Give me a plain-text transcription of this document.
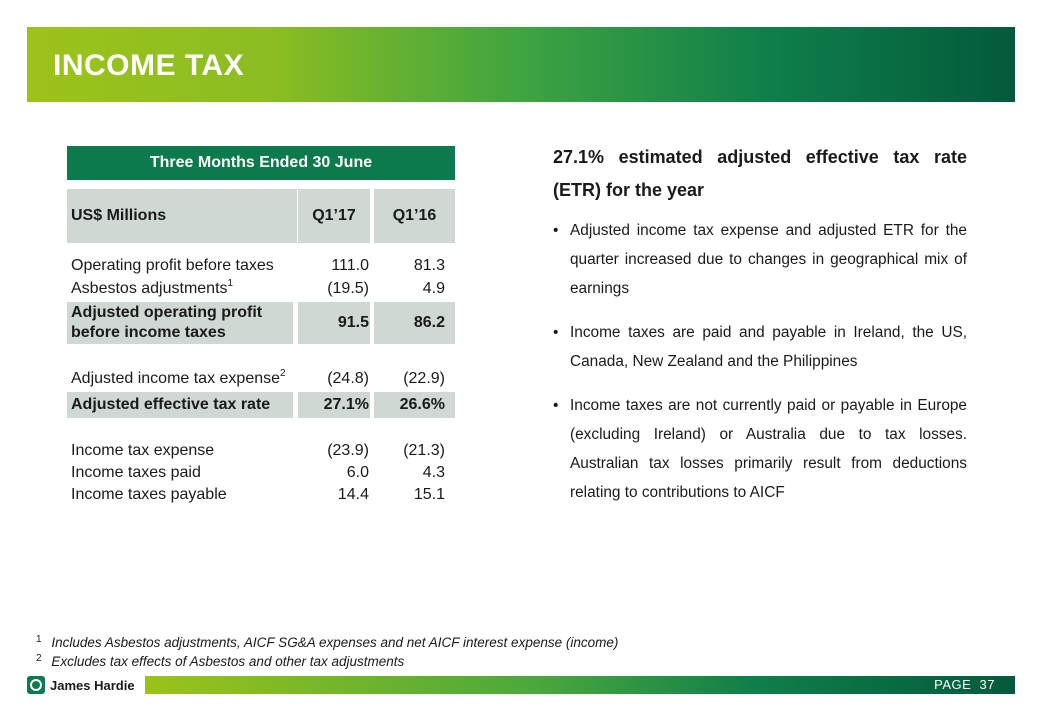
INCOME TAX
Three Months Ended 30 June
US$ Millions	Q1’17	Q1’16
Operating profit before taxes	111.0	81.3
Asbestos adjustments$^1$	(19.5)	4.9
Adjusted operating profit
before income taxes
91.5	86.2
Adjusted income tax expense$^2$	(24.8) (22.9)
Adjusted effective tax rate	27.1% 26.6%
Income tax expense	(23.9) (21.3)
Income taxes paid	6.0	4.3
Income taxes payable	14.4	15.1

27.1% estimated adjusted effective tax rate

(ETR) for the year

• Adjusted income tax expense and adjusted ETR for the quarter increased due to changes in geographical mix of earnings
• Income taxes are paid and payable in Ireland, the US, Canada, New Zealand and the Philippines
• Income taxes are not currently paid or payable in Europe (excluding Ireland) or Australia due to tax losses. Australian tax losses primarily result from deductions relating to contributions to AICF
$^1$ Includes Asbestos adjustments, AICF SG&A expenses and net AICF interest expense (income)
$^2$ Excludes tax effects of Asbestos and other tax adjustments
James Hardie	PAGE  37
